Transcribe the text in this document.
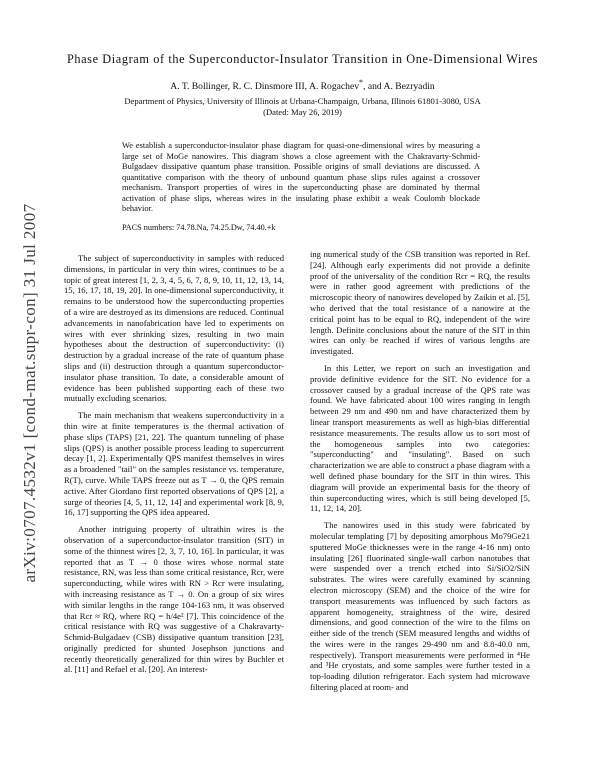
arXiv:0707.4532v1 [cond-mat.supr-con] 31 Jul 2007
Phase Diagram of the Superconductor-Insulator Transition in One-Dimensional Wires
A. T. Bollinger, R. C. Dinsmore III, A. Rogachev*, and A. Bezryadin

Department of Physics, University of Illinois at Urbana-Champaign, Urbana, Illinois 61801-3080, USA

(Dated: May 26, 2019)

We establish a superconductor-insulator phase diagram for quasi-one-dimensional wires by measuring a large set of MoGe nanowires. This diagram shows a close agreement with the Chakravarty-Schmid-Bulgadaev dissipative quantum phase transition. Possible origins of small deviations are discussed. A quantitative comparison with the theory of unbound quantum phase slips rules against a crossover mechanism. Transport properties of wires in the superconducting phase are dominated by thermal activation of phase slips, whereas wires in the insulating phase exhibit a weak Coulomb blockade behavior.

PACS numbers: 74.78.Na, 74.25.Dw, 74.40.+k

The subject of superconductivity in samples with reduced dimensions, in particular in very thin wires, continues to be a topic of great interest [1, 2, 3, 4, 5, 6, 7, 8, 9, 10, 11, 12, 13, 14, 15, 16, 17, 18, 19, 20]. In one-dimensional superconductivity, it remains to be understood how the superconducting properties of a wire are destroyed as its dimensions are reduced. Continual advancements in nanofabrication have led to experiments on wires with ever shrinking sizes, resulting in two main hypotheses about the destruction of superconductivity: (i) destruction by a gradual increase of the rate of quantum phase slips and (ii) destruction through a quantum superconductor-insulator phase transition. To date, a considerable amount of evidence has been published supporting each of these two mutually excluding scenarios.

The main mechanism that weakens superconductivity in a thin wire at finite temperatures is the thermal activation of phase slips (TAPS) [21, 22]. The quantum tunneling of phase slips (QPS) is another possible process leading to supercurrent decay [1, 2]. Experimentally QPS manifest themselves in wires as a broadened "tail" on the samples resistance vs. temperature, R(T), curve. While TAPS freeze out as T → 0, the QPS remain active. After Giordano first reported observations of QPS [2], a surge of theories [4, 5, 11, 12, 14] and experimental work [8, 9, 16, 17] supporting the QPS idea appeared.

Another intriguing property of ultrathin wires is the observation of a superconductor-insulator transition (SIT) in some of the thinnest wires [2, 3, 7, 10, 16]. In particular, it was reported that as T → 0 those wires whose normal state resistance, RN, was less than some critical resistance, Rcr, were superconducting, while wires with RN > Rcr were insulating, with increasing resistance as T → 0. On a group of six wires with similar lengths in the range 104-163 nm, it was observed that Rcr ≈ RQ, where RQ = h/4e² [7]. This coincidence of the critical resistance with RQ was suggestive of a Chakravarty-Schmid-Bulgadaev (CSB) dissipative quantum transition [23], originally predicted for shunted Josephson junctions and recently theoretically generalized for thin wires by Buchler et al. [11] and Refael et al. [20]. An interest-

ing numerical study of the CSB transition was reported in Ref. [24]. Although early experiments did not provide a definite proof of the universality of the condition Rcr = RQ, the results were in rather good agreement with predictions of the microscopic theory of nanowires developed by Zaikin et al. [5], who derived that the total resistance of a nanowire at the critical point has to be equal to RQ, independent of the wire length. Definite conclusions about the nature of the SIT in thin wires can only be reached if wires of various lengths are investigated.

In this Letter, we report on such an investigation and provide definitive evidence for the SIT. No evidence for a crossover caused by a gradual increase of the QPS rate was found. We have fabricated about 100 wires ranging in length between 29 nm and 490 nm and have characterized them by linear transport measurements as well as high-bias differential resistance measurements. The results allow us to sort most of the homogeneous samples into two categories: "superconducting" and "insulating". Based on such characterization we are able to construct a phase diagram with a well defined phase boundary for the SIT in thin wires. This diagram will provide an experimental basis for the theory of thin superconducting wires, which is still being developed [5, 11, 12, 14, 20].

The nanowires used in this study were fabricated by molecular templating [7] by depositing amorphous Mo79Ge21 sputtered MoGe thicknesses were in the range 4-16 nm) onto insulating [26] fluorinated single-wall carbon nanotubes that were suspended over a trench etched into Si/SiO2/SiN substrates. The wires were carefully examined by scanning electron microscopy (SEM) and the choice of the wire for transport measurements was influenced by such factors as apparent homogeneity, straightness of the wire, desired dimensions, and good connection of the wire to the films on either side of the trench (SEM measured lengths and widths of the wires were in the ranges 29-490 nm and 8.8-40.0 nm, respectively). Transport measurements were performed in ⁴He and ³He cryostats, and some samples were further tested in a top-loading dilution refrigerator. Each system had microwave filtering placed at room- and
